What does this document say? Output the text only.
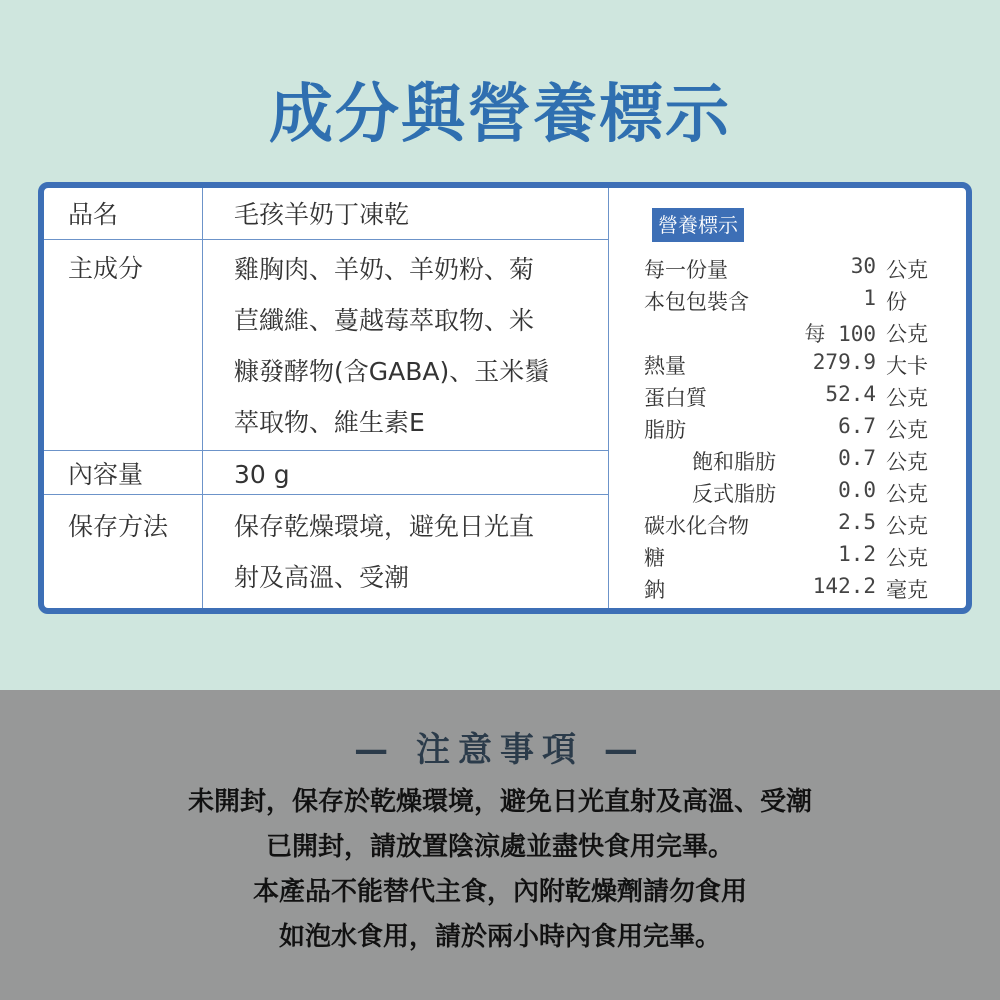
成分與營養標示
品名	毛孩羊奶丁凍乾
主成分	雞胸肉、羊奶、羊奶粉、菊
苣纖維、蔓越莓萃取物、米
糠發酵物(含GABA)、玉米鬚
萃取物、維生素E
內容量	30 g
保存方法	保存乾燥環境，避免日光直
射及高溫、受潮
營養標示
每一份量	30 公克
本包包裝含	1 份
每 100 公克
熱量	279.9 大卡
蛋白質	52.4 公克
脂肪	6.7 公克
飽和脂肪	0.7 公克
反式脂肪	0.0 公克
碳水化合物	2.5 公克
糖	1.2 公克
鈉	142.2 毫克
— 注意事項 —
未開封，保存於乾燥環境，避免日光直射及高溫、受潮
已開封，請放置陰涼處並盡快食用完畢。
本產品不能替代主食，內附乾燥劑請勿食用
如泡水食用，請於兩小時內食用完畢。
